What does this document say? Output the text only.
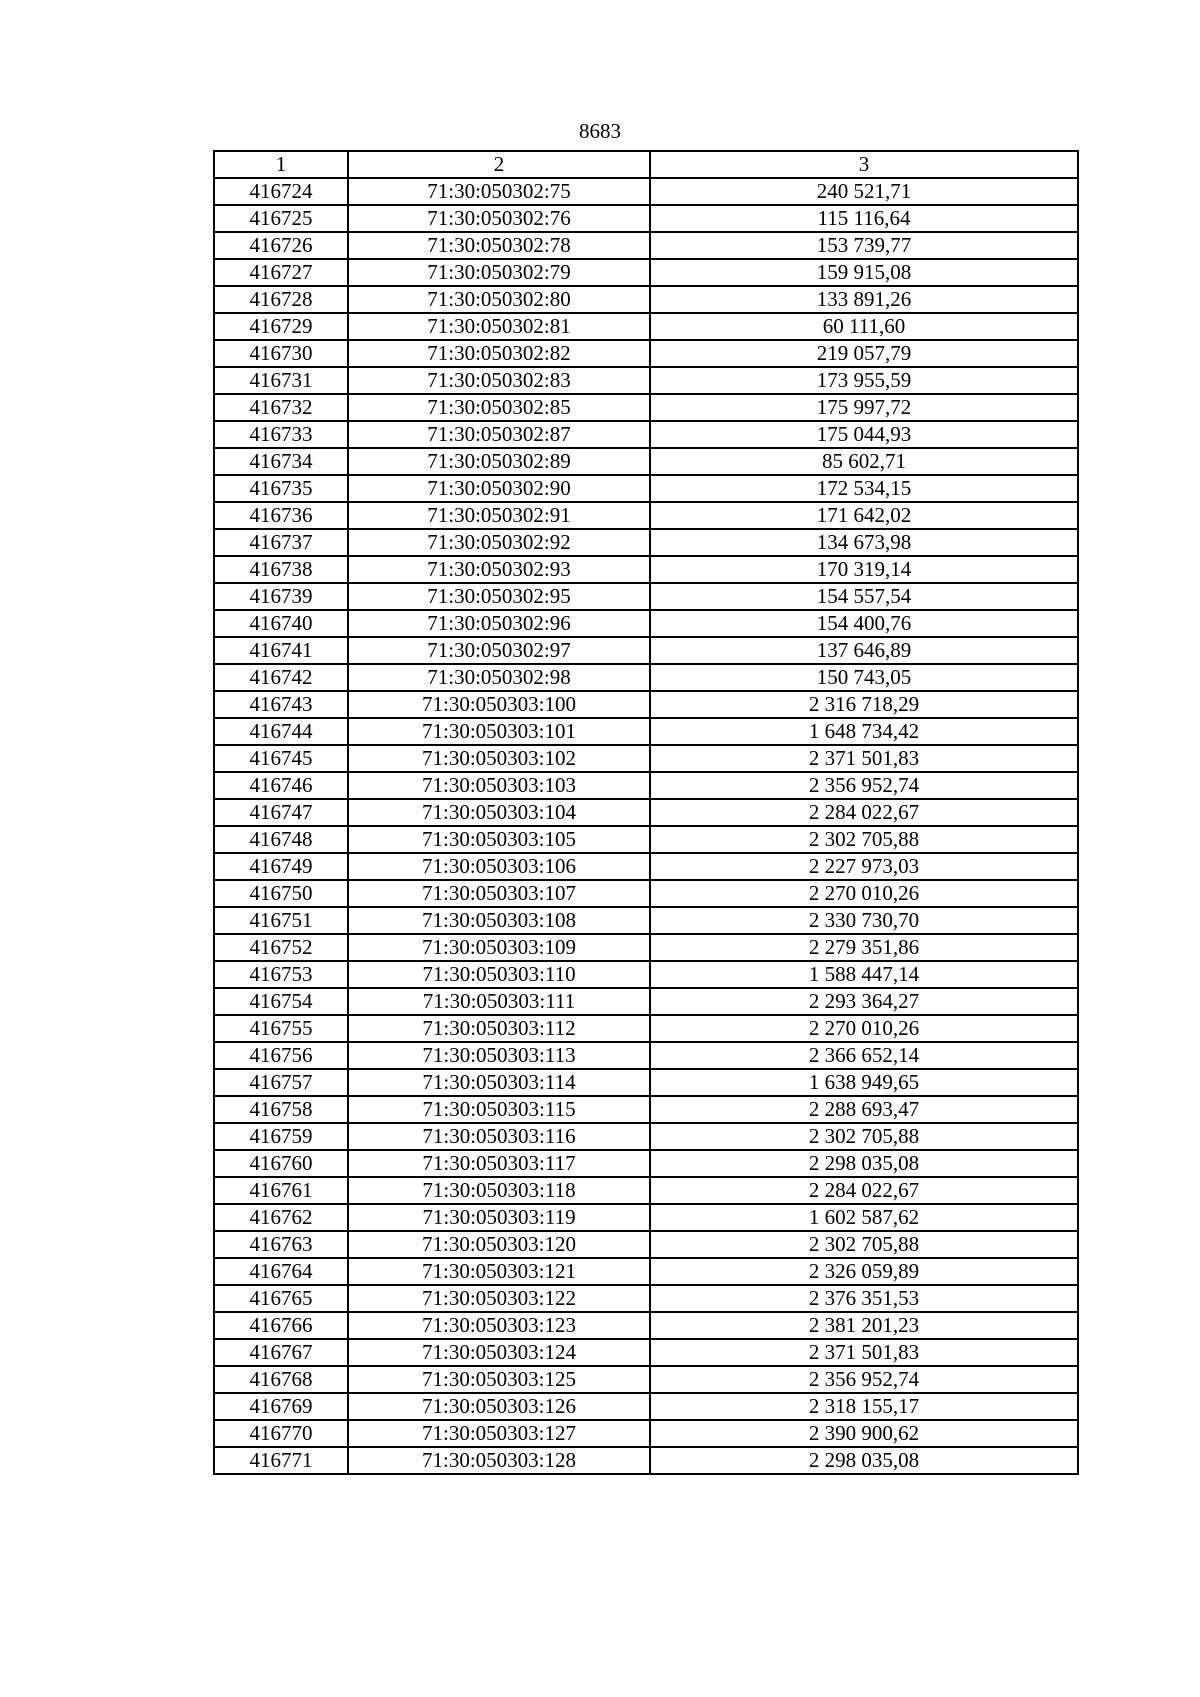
8683
1	2	3
416724	71:30:050302:75	240 521,71
416725	71:30:050302:76	115 116,64
416726	71:30:050302:78	153 739,77
416727	71:30:050302:79	159 915,08
416728	71:30:050302:80	133 891,26
416729	71:30:050302:81	60 111,60
416730	71:30:050302:82	219 057,79
416731	71:30:050302:83	173 955,59
416732	71:30:050302:85	175 997,72
416733	71:30:050302:87	175 044,93
416734	71:30:050302:89	85 602,71
416735	71:30:050302:90	172 534,15
416736	71:30:050302:91	171 642,02
416737	71:30:050302:92	134 673,98
416738	71:30:050302:93	170 319,14
416739	71:30:050302:95	154 557,54
416740	71:30:050302:96	154 400,76
416741	71:30:050302:97	137 646,89
416742	71:30:050302:98	150 743,05
416743	71:30:050303:100	2 316 718,29
416744	71:30:050303:101	1 648 734,42
416745	71:30:050303:102	2 371 501,83
416746	71:30:050303:103	2 356 952,74
416747	71:30:050303:104	2 284 022,67
416748	71:30:050303:105	2 302 705,88
416749	71:30:050303:106	2 227 973,03
416750	71:30:050303:107	2 270 010,26
416751	71:30:050303:108	2 330 730,70
416752	71:30:050303:109	2 279 351,86
416753	71:30:050303:110	1 588 447,14
416754	71:30:050303:111	2 293 364,27
416755	71:30:050303:112	2 270 010,26
416756	71:30:050303:113	2 366 652,14
416757	71:30:050303:114	1 638 949,65
416758	71:30:050303:115	2 288 693,47
416759	71:30:050303:116	2 302 705,88
416760	71:30:050303:117	2 298 035,08
416761	71:30:050303:118	2 284 022,67
416762	71:30:050303:119	1 602 587,62
416763	71:30:050303:120	2 302 705,88
416764	71:30:050303:121	2 326 059,89
416765	71:30:050303:122	2 376 351,53
416766	71:30:050303:123	2 381 201,23
416767	71:30:050303:124	2 371 501,83
416768	71:30:050303:125	2 356 952,74
416769	71:30:050303:126	2 318 155,17
416770	71:30:050303:127	2 390 900,62
416771	71:30:050303:128	2 298 035,08
